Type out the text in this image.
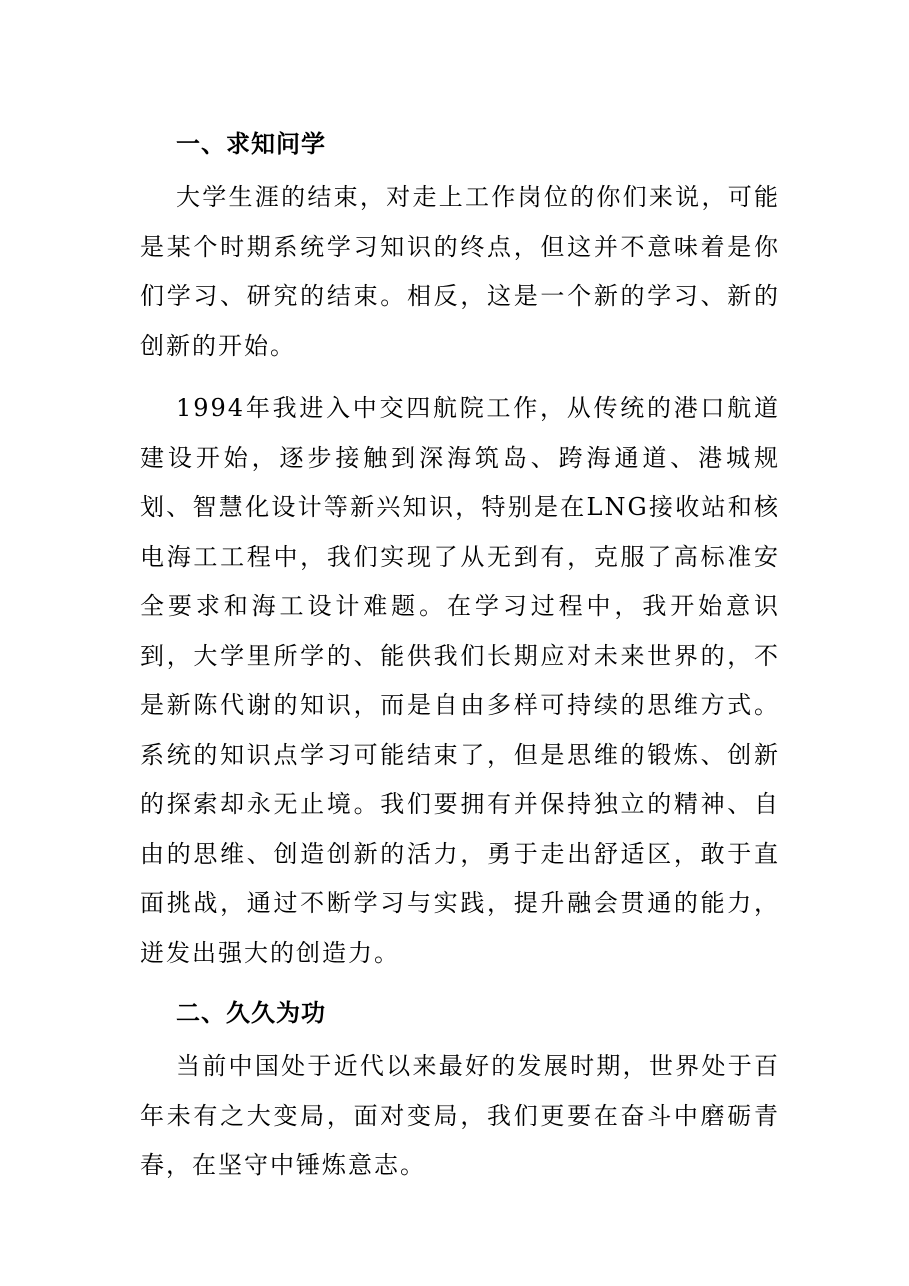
一、求知问学

大学生涯的结束，对走上工作岗位的你们来说，可能是某个时期系统学习知识的终点，但这并不意味着是你们学习、研究的结束。相反，这是一个新的学习、新的创新的开始。

1994年我进入中交四航院工作，从传统的港口航道建设开始，逐步接触到深海筑岛、跨海通道、港城规划、智慧化设计等新兴知识，特别是在LNG接收站和核电海工工程中，我们实现了从无到有，克服了高标准安全要求和海工设计难题。在学习过程中，我开始意识到，大学里所学的、能供我们长期应对未来世界的，不是新陈代谢的知识，而是自由多样可持续的思维方式。系统的知识点学习可能结束了，但是思维的锻炼、创新的探索却永无止境。我们要拥有并保持独立的精神、自由的思维、创造创新的活力，勇于走出舒适区，敢于直面挑战，通过不断学习与实践，提升融会贯通的能力，迸发出强大的创造力。

二、久久为功

当前中国处于近代以来最好的发展时期，世界处于百年未有之大变局，面对变局，我们更要在奋斗中磨砺青春，在坚守中锤炼意志。
